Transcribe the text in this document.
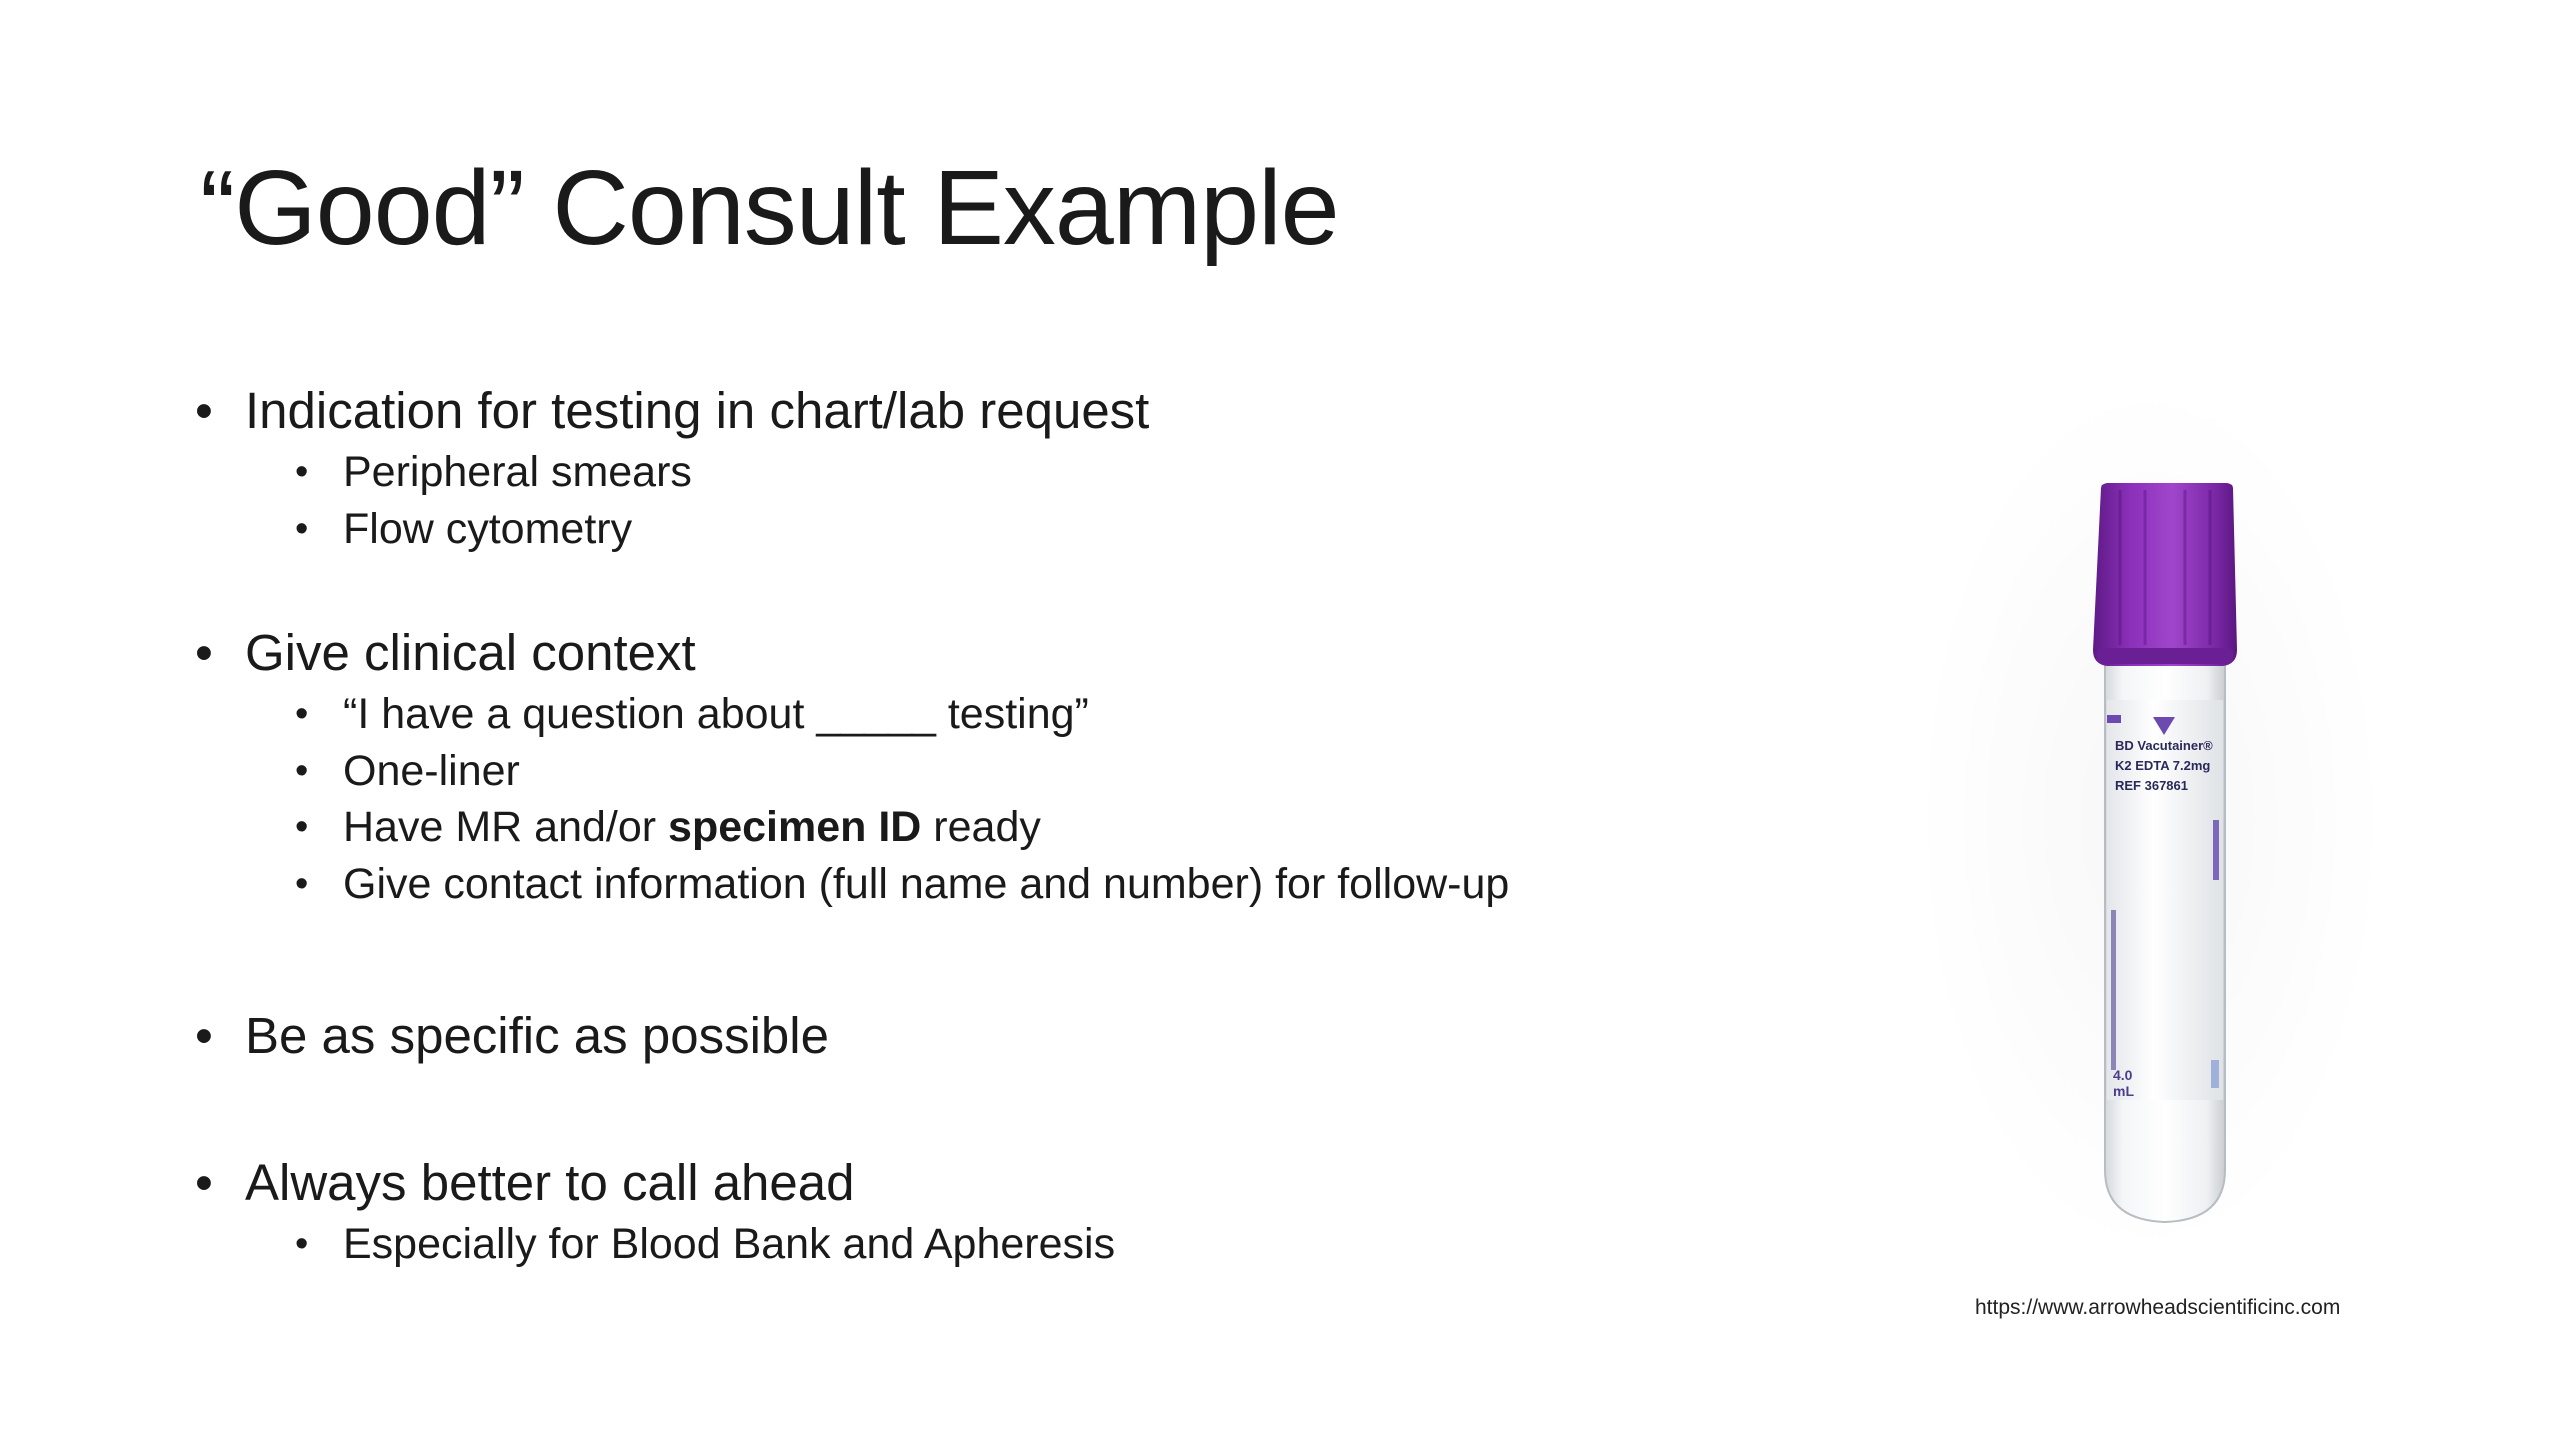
“Good” Consult Example
• Indication for testing in chart/lab request
• Peripheral smears
• Flow cytometry
• Give clinical context
• “I have a question about _____ testing”
• One-liner
• Have MR and/or specimen ID ready
• Give contact information (full name and number) for follow-up
• Be as specific as possible
• Always better to call ahead
• Especially for Blood Bank and Apheresis
BD Vacutainer®
K2 EDTA 7.2mg
REF 367861
4.0
mL
https://www.arrowheadscientificinc.com
